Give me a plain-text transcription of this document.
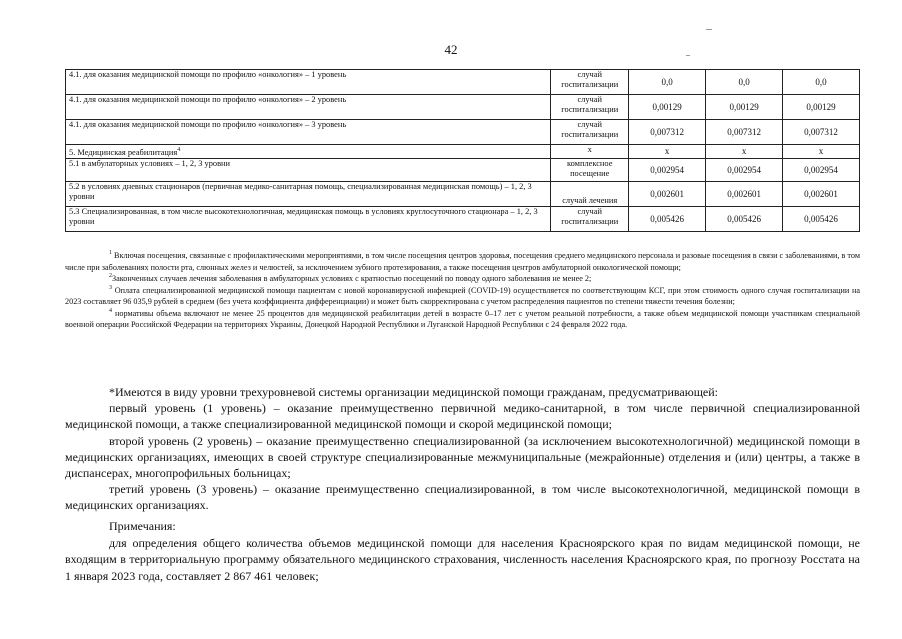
42
4.1. для оказания медицинской помощи по профилю «онкология» – 1 уровень	случай госпитализации	0,0	0,0	0,0
4.1. для оказания медицинской помощи по профилю «онкология» – 2 уровень	случай госпитализации	0,00129	0,00129	0,00129
4.1. для оказания медицинской помощи по профилю «онкология» – 3 уровень	случай госпитализации	0,007312	0,007312	0,007312
5. Медицинская реабилитация$^4$	х	х	х	х
5.1 в амбулаторных условиях – 1, 2, 3 уровни	комплексное посещение	0,002954	0,002954	0,002954
5.2 в условиях дневных стационаров (первичная медико-санитарная помощь, специализированная медицинская помощь) – 1, 2, 3 уровни	случай лечения	0,002601	0,002601	0,002601
5.3 Специализированная, в том числе высокотехнологичная, медицинская помощь в условиях круглосуточного стационара – 1, 2, 3 уровни	случай госпитализации	0,005426	0,005426	0,005426

$^1$ Включая посещения, связанные с профилактическими мероприятиями, в том числе посещения центров здоровья, посещения среднего медицинского персонала и разовые посещения в связи с заболеваниями, в том числе при заболеваниях полости рта, слюнных желез и челюстей, за исключением зубного протезирования, а также посещения центров амбулаторной онкологической помощи;

$^2$Законченных случаев лечения заболевания в амбулаторных условиях с кратностью посещений по поводу одного заболевания не менее 2;

$^3$ Оплата специализированной медицинской помощи пациентам с новой коронавирусной инфекцией (COVID-19) осуществляется по соответствующим КСГ, при этом стоимость одного случая госпитализации на 2023 составляет 96 035,9 рублей в среднем (без учета коэффициента дифференциации) и может быть скорректирована с учетом распределения пациентов по степени тяжести течения болезни;

$^4$ нормативы объема включают не менее 25 процентов для медицинской реабилитации детей в возрасте 0–17 лет с учетом реальной потребности, а также объем медицинской помощи участникам специальной военной операции Российской Федерации на территориях Украины, Донецкой Народной Республики и Луганской Народной Республики с 24 февраля 2022 года.

*Имеются в виду уровни трехуровневой системы организации медицинской помощи гражданам, предусматривающей:

первый уровень (1 уровень) – оказание преимущественно первичной медико-санитарной, в том числе первичной специализированной медицинской помощи, а также специализированной медицинской помощи и скорой медицинской помощи;

второй уровень (2 уровень) – оказание преимущественно специализированной (за исключением высокотехнологичной) медицинской помощи в медицинских организациях, имеющих в своей структуре специализированные межмуниципальные (межрайонные) отделения и (или) центры, а также в диспансерах, многопрофильных больницах;

третий уровень (3 уровень) – оказание преимущественно специализированной, в том числе высокотехнологичной, медицинской помощи в медицинских организациях.

Примечания:

для определения общего количества объемов медицинской помощи для населения Красноярского края по видам медицинской помощи, не входящим в территориальную программу обязательного медицинского страхования, численность населения Красноярского края, по прогнозу Росстата на 1 января 2023 года, составляет 2 867 461 человек;
